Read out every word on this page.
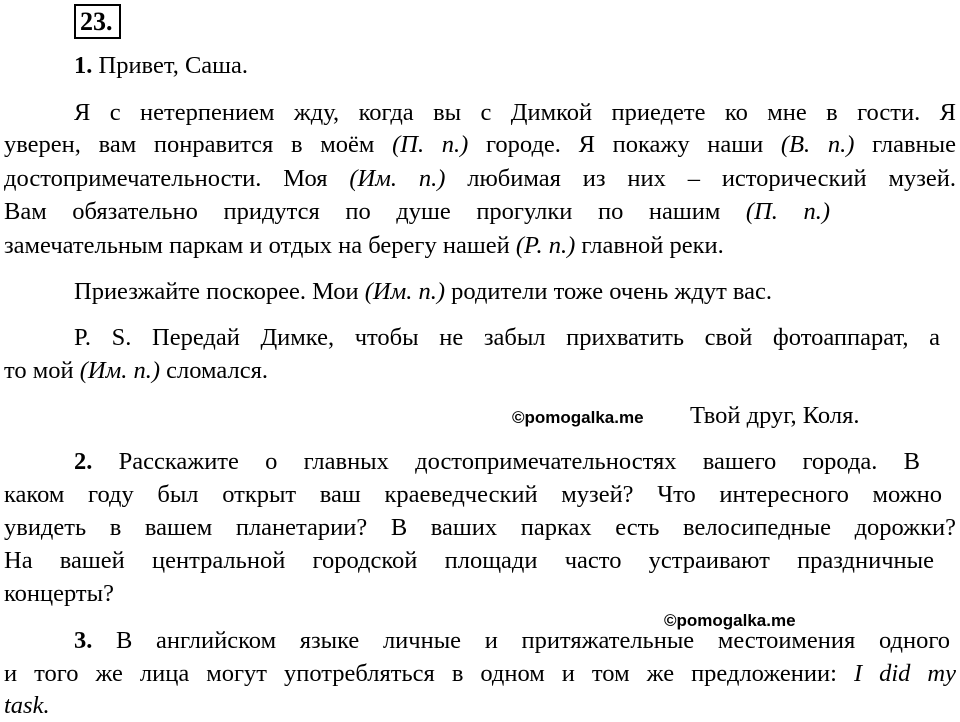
23.
1. Привет, Саша.
Я с нетерпением жду, когда вы с Димкой приедете ко мне в гости. Я
уверен, вам понравится в моём (П. п.) городе. Я покажу наши (В. п.) главные
достопримечательности. Моя (Им. п.) любимая из них – исторический музей.
Вам обязательно придутся по душе прогулки по нашим (П. п.)
замечательным паркам и отдых на берегу нашей (Р. п.) главной реки.
Приезжайте поскорее. Мои (Им. п.) родители тоже очень ждут вас.
P. S. Передай Димке, чтобы не забыл прихватить свой фотоаппарат, а
то мой (Им. п.) сломался.
©pomogalka.me Твой друг, Коля.
2. Расскажите о главных достопримечательностях вашего города. В
каком году был открыт ваш краеведческий музей? Что интересного можно
увидеть в вашем планетарии? В ваших парках есть велосипедные дорожки?
На вашей центральной городской площади часто устраивают праздничные
концерты?
©pomogalka.me
3. В английском языке личные и притяжательные местоимения одного
и того же лица могут употребляться в одном и том же предложении: I did my
task.
